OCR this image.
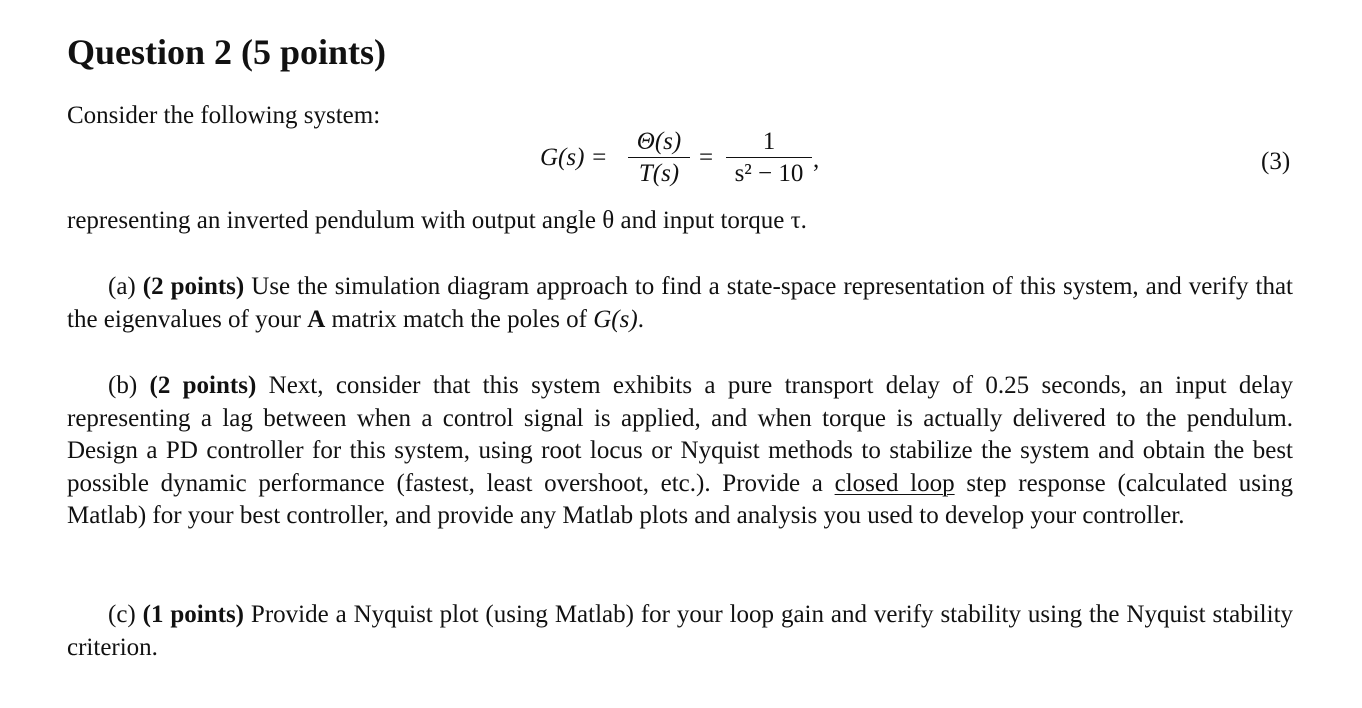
Question 2 (5 points)
Consider the following system:
G(s) =
Θ(s)
T(s)
=
1
s² − 10
,	(3)
representing an inverted pendulum with output angle θ and input torque τ.
(a) (2 points) Use the simulation diagram approach to find a state-space representation of this system, and verify that the eigenvalues of your A matrix match the poles of G(s).
(b) (2 points) Next, consider that this system exhibits a pure transport delay of 0.25 seconds, an input delay representing a lag between when a control signal is applied, and when torque is actually delivered to the pendulum. Design a PD controller for this system, using root locus or Nyquist methods to stabilize the system and obtain the best possible dynamic performance (fastest, least overshoot, etc.). Provide a closed loop step response (calculated using Matlab) for your best controller, and provide any Matlab plots and analysis you used to develop your controller.
(c) (1 points) Provide a Nyquist plot (using Matlab) for your loop gain and verify stability using the Nyquist stability criterion.
